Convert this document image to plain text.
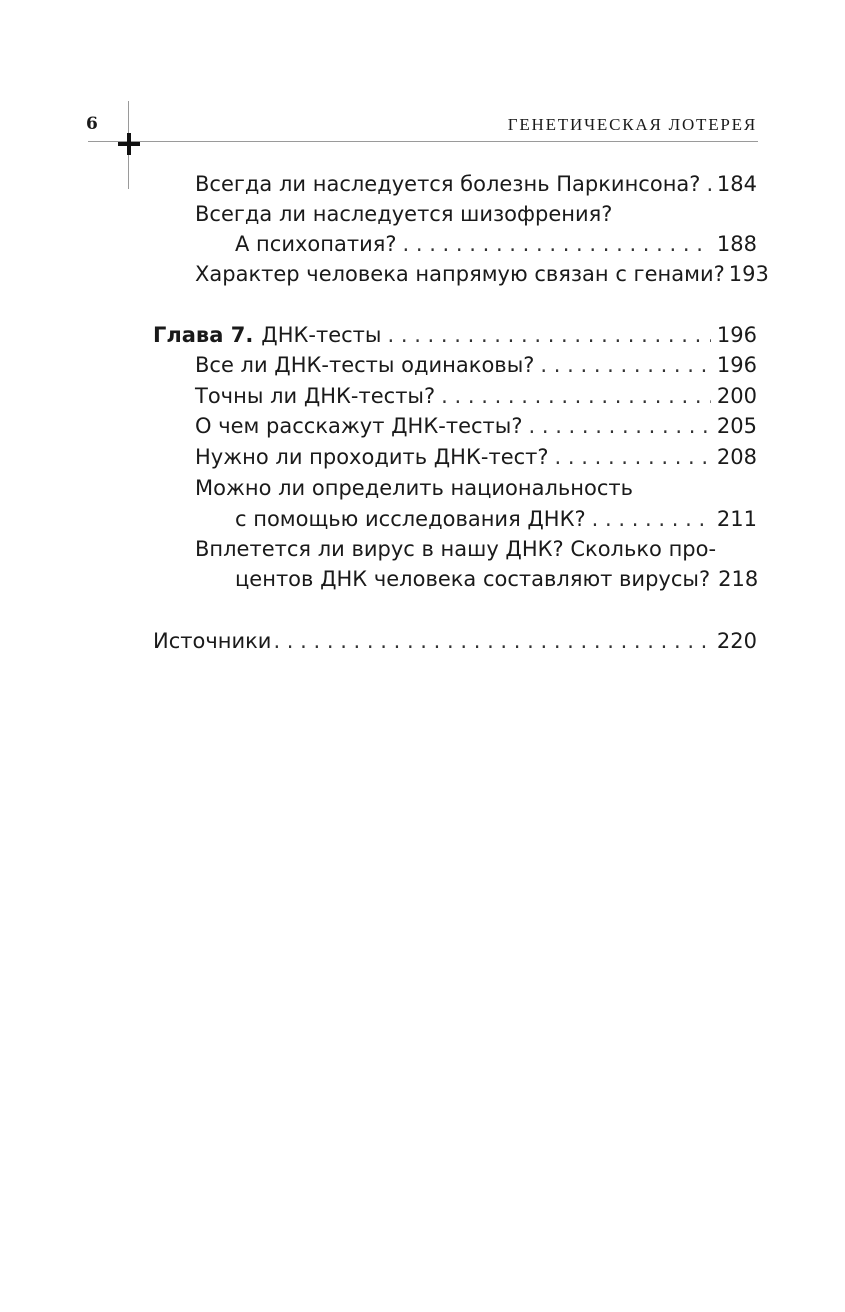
6	ГЕНЕТИЧЕСКАЯ ЛОТЕРЕЯ
Всегда ли наследуется болезнь Паркинсона? . . . 184
Всегда ли наследуется шизофрения?
А психопатия? . . .	188
Характер человека напрямую связан с генами? 193
Глава 7. ДНК-тесты . . .	196
Все ли ДНК-тесты одинаковы? . . .	196
Точны ли ДНК-тесты? . . .	200
О чем расскажут ДНК-тесты? . . .	205
Нужно ли проходить ДНК-тест? . . .	208
Можно ли определить национальность
с помощью исследования ДНК? . . .	211
Вплетется ли вирус в нашу ДНК? Сколько про-
центов ДНК человека составляют вирусы? 218
Источники . . .	220
